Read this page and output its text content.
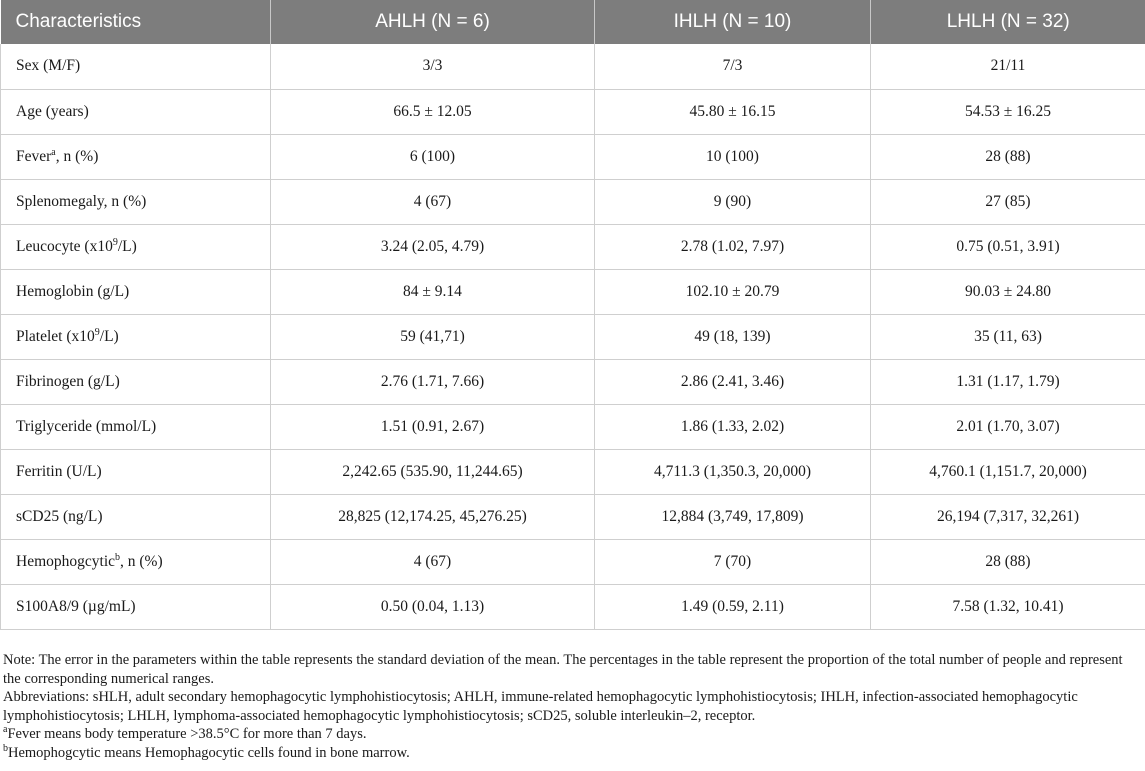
Characteristics	AHLH (N = 6)	IHLH (N = 10)	LHLH (N = 32)
Sex (M/F)	3/3	7/3	21/11
Age (years)	66.5 ± 12.05	45.80 ± 16.15	54.53 ± 16.25
Fever$^a$, n (%)	6 (100)	10 (100)	28 (88)
Splenomegaly, n (%)	4 (67)	9 (90)	27 (85)
Leucocyte $(x10^9/L)$	3.24 (2.05, 4.79)	2.78 (1.02, 7.97)	0.75 (0.51, 3.91)
Hemoglobin (g/L)	84 ± 9.14	102.10 ± 20.79	90.03 ± 24.80
Platelet $(x10^9/L)$	59 (41,71)	49 (18, 139)	35 (11, 63)
Fibrinogen (g/L)	2.76 (1.71, 7.66)	2.86 (2.41, 3.46)	1.31 (1.17, 1.79)
Triglyceride (mmol/L)	1.51 (0.91, 2.67)	1.86 (1.33, 2.02)	2.01 (1.70, 3.07)
Ferritin (U/L)	2,242.65 (535.90, 11,244.65)	4,711.3 (1,350.3, 20,000)	4,760.1 (1,151.7, 20,000)
sCD25 (ng/L)	28,825 (12,174.25, 45,276.25)	12,884 (3,749, 17,809)	26,194 (7,317, 32,261)
Hemophogcytic$^b$, n (%)	4 (67)	7 (70)	28 (88)
S100A8/9 (µg/mL)	0.50 (0.04, 1.13)	1.49 (0.59, 2.11)	7.58 (1.32, 10.41)

Note: The error in the parameters within the table represents the standard deviation of the mean. The percentages in the table represent the proportion of the total number of people and represent the corresponding numerical ranges.

Abbreviations: sHLH, adult secondary hemophagocytic lymphohistiocytosis; AHLH, immune-related hemophagocytic lymphohistiocytosis; IHLH, infection-associated hemophagocytic lymphohistiocytosis; LHLH, lymphoma-associated hemophagocytic lymphohistiocytosis; sCD25, soluble interleukin–2, receptor.

$^a$Fever means body temperature >38.5°C for more than 7 days.

$^b$Hemophogcytic means Hemophagocytic cells found in bone marrow.
